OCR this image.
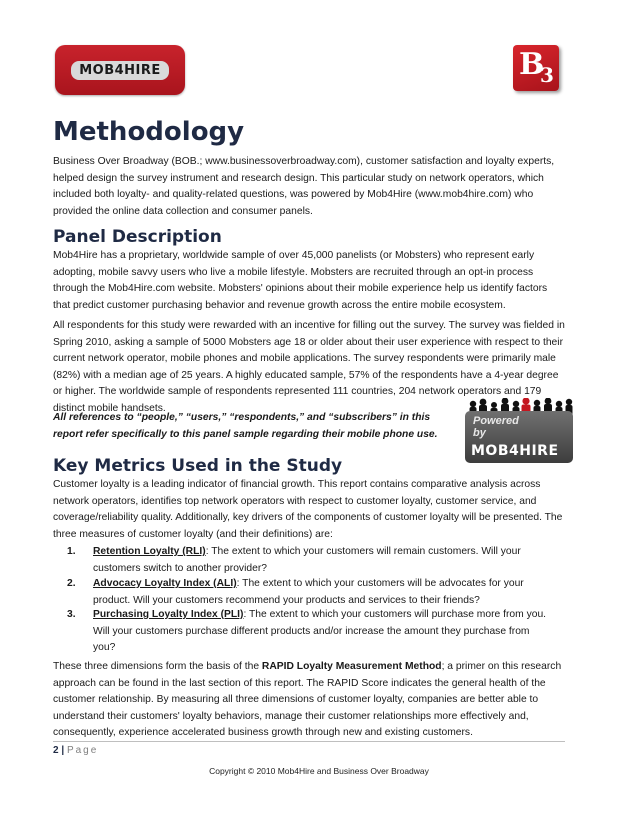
MOB4HIRE	B
3
Methodology

Business Over Broadway (BOB.; www.businessoverbroadway.com), customer satisfaction and loyalty experts, helped design the survey instrument and research design. This particular study on network operators, which included both loyalty- and quality-related questions, was powered by Mob4Hire (www.mob4hire.com) who provided the online data collection and consumer panels.

Panel Description

Mob4Hire has a proprietary, worldwide sample of over 45,000 panelists (or Mobsters) who represent early adopting, mobile savvy users who live a mobile lifestyle. Mobsters are recruited through an opt-in process through the Mob4Hire.com website. Mobsters' opinions about their mobile experience help us identify factors that predict customer purchasing behavior and revenue growth across the entire mobile ecosystem.

All respondents for this study were rewarded with an incentive for filling out the survey. The survey was fielded in Spring 2010, asking a sample of 5000 Mobsters age 18 or older about their user experience with respect to their current network operator, mobile phones and mobile applications. The survey respondents were primarily male (82%) with a median age of 25 years. A highly educated sample, 57% of the respondents have a 4-year degree or higher. The worldwide sample of respondents represented 111 countries, 204 network operators and 179 distinct mobile handsets.

All references to “people,” “users,” “respondents,” and “subscribers” in this report refer specifically to this panel sample regarding their mobile phone use.

Powered
by
MOB4HIRE
Key Metrics Used in the Study

Customer loyalty is a leading indicator of financial growth. This report contains comparative analysis across network operators, identifies top network operators with respect to customer loyalty, customer service, and coverage/reliability quality. Additionally, key drivers of the components of customer loyalty will be presented. The three measures of customer loyalty (and their definitions) are:

1. Retention Loyalty (RLI): The extent to which your customers will remain customers. Will your customers switch to another provider?
2. Advocacy Loyalty Index (ALI): The extent to which your customers will be advocates for your product. Will your customers recommend your products and services to their friends?
3. Purchasing Loyalty Index (PLI): The extent to which your customers will purchase more from you. Will your customers purchase different products and/or increase the amount they purchase from you?

These three dimensions form the basis of the RAPID Loyalty Measurement Method; a primer on this research approach can be found in the last section of this report. The RAPID Score indicates the general health of the customer relationship. By measuring all three dimensions of customer loyalty, companies are better able to understand their customers' loyalty behaviors, manage their customer relationships more effectively and, consequently, experience accelerated business growth through new and existing customers.

2 | Page
Copyright © 2010 Mob4Hire and Business Over Broadway
